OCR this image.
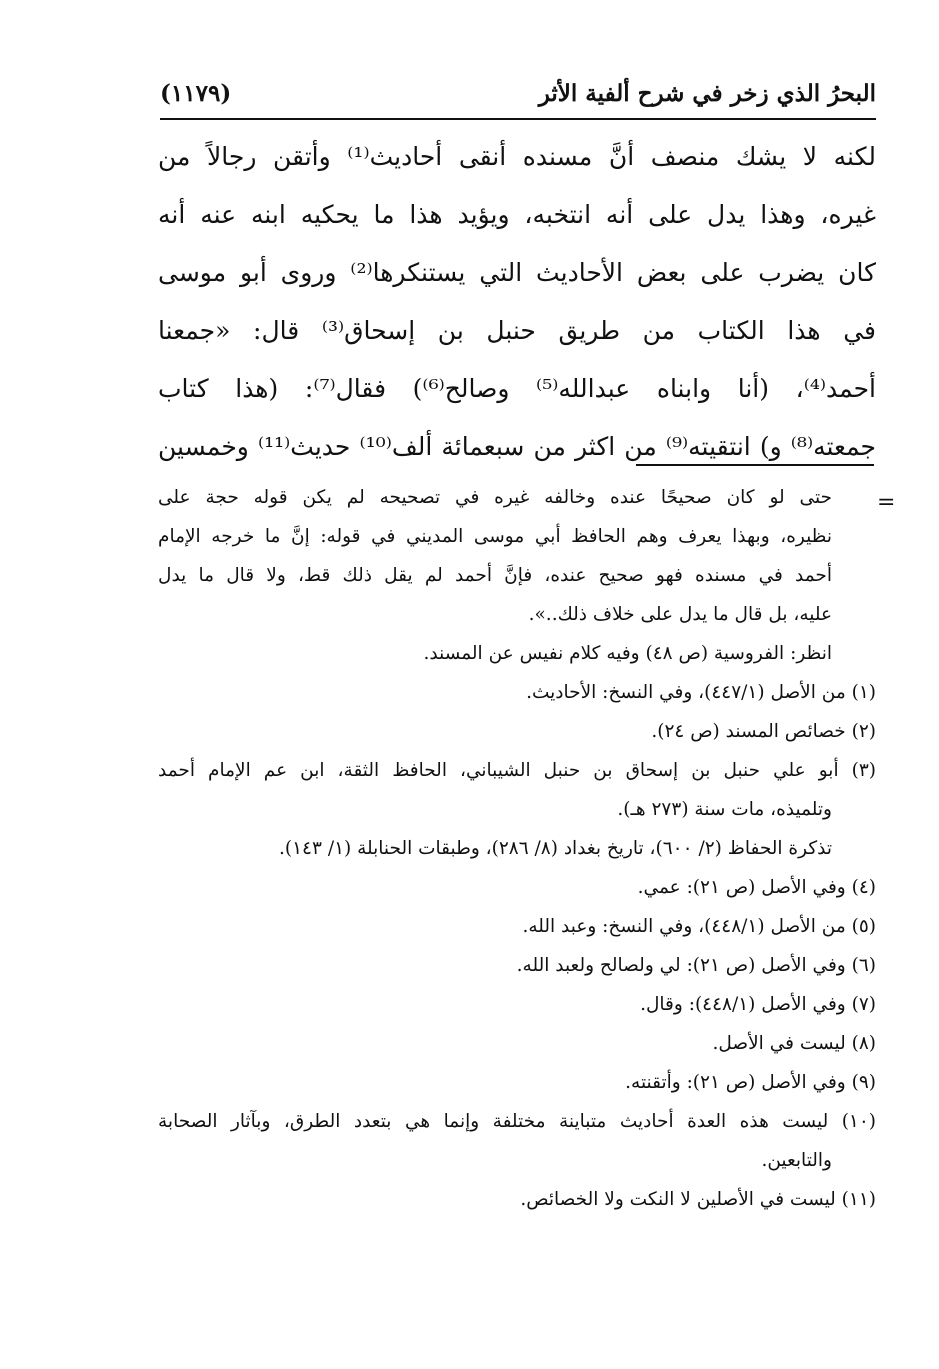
البحرُ الذي زخر في شرح ألفية الأثر
(١١٧٩)
لكنه لا يشك منصف أنَّ مسنده أنقى أحاديث⁽¹⁾ وأتقن رجالاً من
غيره، وهذا يدل على أنه انتخبه، ويؤيد هذا ما يحكيه ابنه عنه أنه
كان يضرب على بعض الأحاديث التي يستنكرها⁽²⁾ وروى أبو موسى
في هذا الكتاب من طريق حنبل بن إسحاق⁽³⁾ قال: «جمعنا
أحمد⁽⁴⁾، (أنا وابناه عبدالله⁽⁵⁾ وصالح⁽⁶⁾) فقال⁽⁷⁾: (هذا كتاب
جمعته⁽⁸⁾ و) انتقيته⁽⁹⁾ من اكثر من سبعمائة ألف⁽¹⁰⁾ حديث⁽¹¹⁾ وخمسين
=
حتى لو كان صحيحًا عنده وخالفه غيره في تصحيحه لم يكن قوله حجة على
نظيره، وبهذا يعرف وهم الحافظ أبي موسى المديني في قوله: إنَّ ما خرجه الإمام
أحمد في مسنده فهو صحيح عنده، فإنَّ أحمد لم يقل ذلك قط، ولا قال ما يدل
عليه، بل قال ما يدل على خلاف ذلك..».
انظر: الفروسية (ص ٤٨) وفيه كلام نفيس عن المسند.
(١) من الأصل (٤٤٧/١)، وفي النسخ: الأحاديث.
(٢) خصائص المسند (ص ٢٤).
(٣) أبو علي حنبل بن إسحاق بن حنبل الشيباني، الحافظ الثقة، ابن عم الإمام أحمد
وتلميذه، مات سنة (٢٧٣ هـ).
تذكرة الحفاظ (٢/ ٦٠٠)، تاريخ بغداد (٨/ ٢٨٦)، وطبقات الحنابلة (١/ ١٤٣).
(٤) وفي الأصل (ص ٢١): عمي.
(٥) من الأصل (٤٤٨/١)، وفي النسخ: وعبد الله.
(٦) وفي الأصل (ص ٢١): لي ولصالح ولعبد الله.
(٧) وفي الأصل (٤٤٨/١): وقال.
(٨) ليست في الأصل.
(٩) وفي الأصل (ص ٢١): وأتقنته.
(١٠) ليست هذه العدة أحاديث متباينة مختلفة وإنما هي بتعدد الطرق، وبآثار الصحابة
والتابعين.
(١١) ليست في الأصلين لا النكت ولا الخصائص.
